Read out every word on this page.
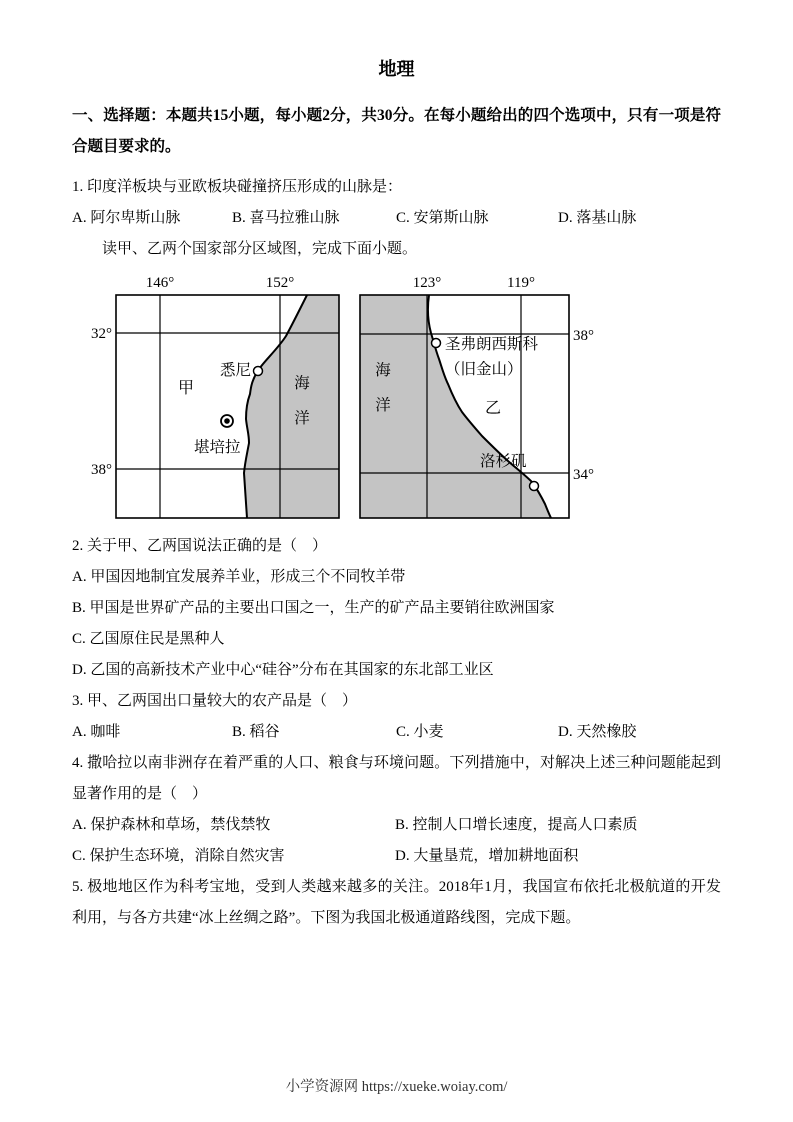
地理

一、选择题：本题共15小题，每小题2分，共30分。在每小题给出的四个选项中，只有一项是符合题目要求的。

1. 印度洋板块与亚欧板块碰撞挤压形成的山脉是：

A. 阿尔卑斯山脉	B. 喜马拉雅山脉	C. 安第斯山脉	D. 落基山脉

读甲、乙两个国家部分区域图，完成下面小题。

146°	152°
32°
38°
悉尼
甲
堪培拉
海
洋
123°	119°
38°
34°
圣弗朗西斯科
（旧金山）
海
洋	乙
洛杉矶

2. 关于甲、乙两国说法正确的是（　）

A. 甲国因地制宜发展养羊业，形成三个不同牧羊带

B. 甲国是世界矿产品的主要出口国之一，生产的矿产品主要销往欧洲国家

C. 乙国原住民是黑种人

D. 乙国的高新技术产业中心“硅谷”分布在其国家的东北部工业区

3. 甲、乙两国出口量较大的农产品是（　）

A. 咖啡	B. 稻谷	C. 小麦	D. 天然橡胶

4. 撒哈拉以南非洲存在着严重的人口、粮食与环境问题。下列措施中，对解决上述三种问题能起到显著作用的是（　）

A. 保护森林和草场，禁伐禁牧	B. 控制人口增长速度，提高人口素质
C. 保护生态环境，消除自然灾害	D. 大量垦荒，增加耕地面积

5. 极地地区作为科考宝地，受到人类越来越多的关注。2018年1月，我国宣布依托北极航道的开发利用，与各方共建“冰上丝绸之路”。下图为我国北极通道路线图，完成下题。

小学资源网 https://xueke.woiay.com/
